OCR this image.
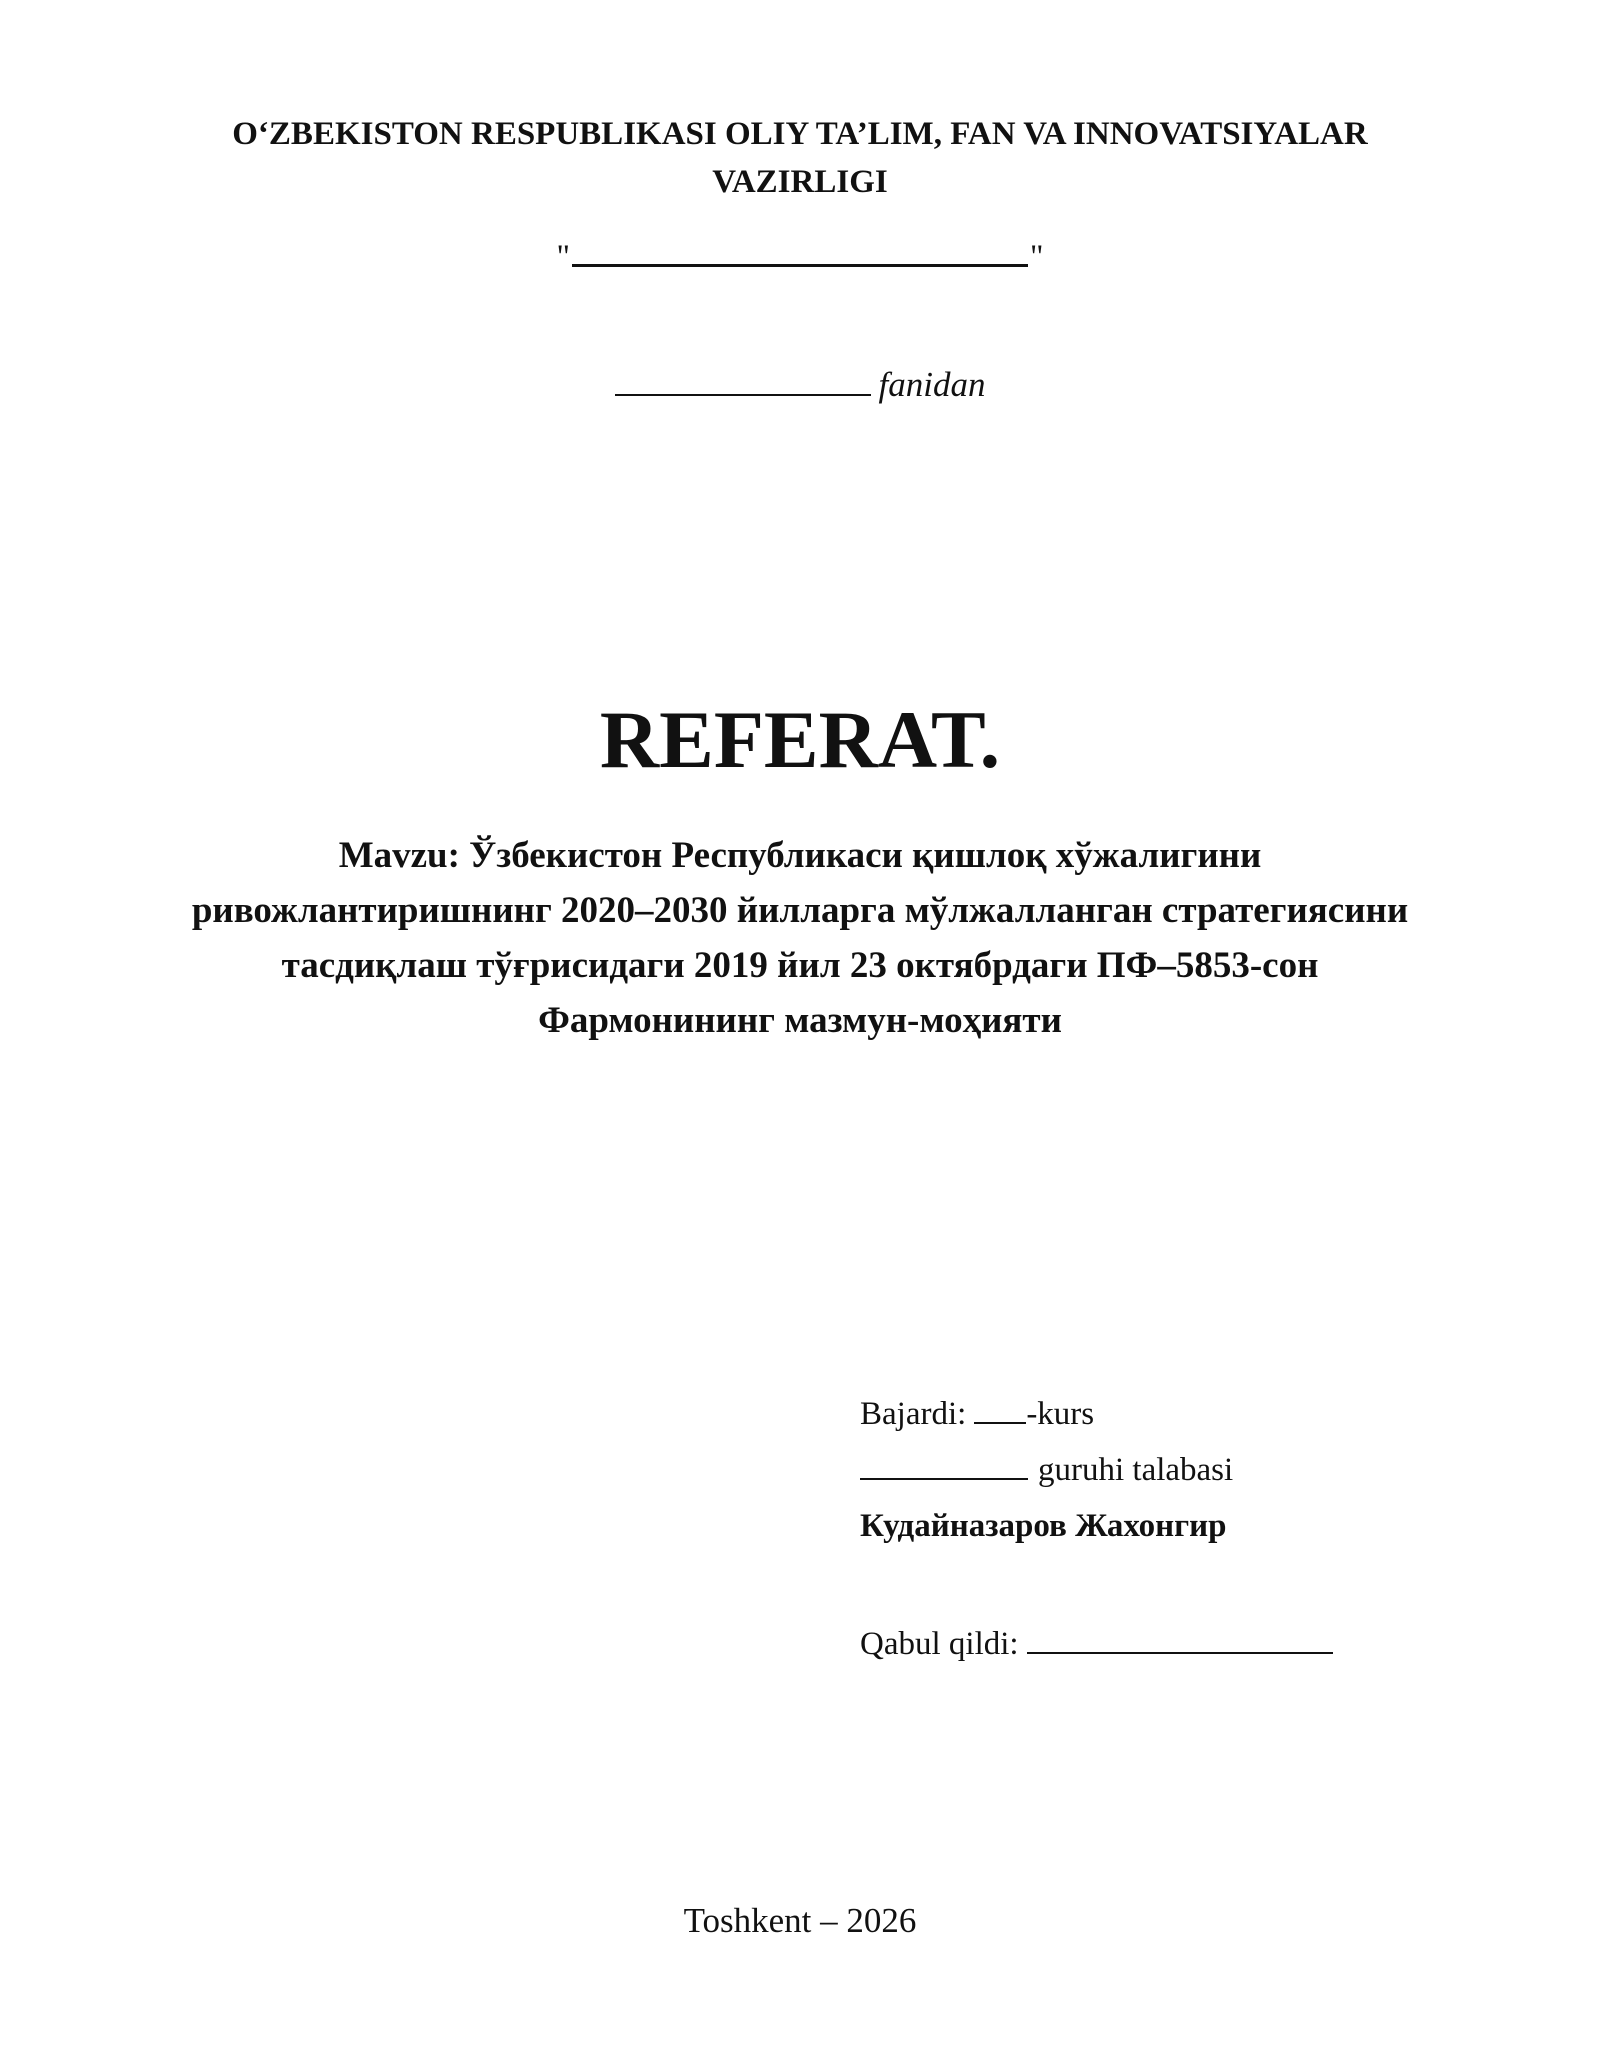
O‘ZBEKISTON RESPUBLIKASI OLIY TA’LIM, FAN VA INNOVATSIYALAR
VAZIRLIGI
"	"
fanidan
REFERAT.
Mavzu: Ўзбекистон Республикаси қишлоқ хўжалигини
ривожлантиришнинг 2020–2030 йилларга мўлжалланган стратегиясини
тасдиқлаш тўғрисидаги 2019 йил 23 октябрдаги ПФ–5853-сон
Фармонининг мазмун-моҳияти
Bajardi: -kurs
guruhi talabasi
Кудайназаров Жахонгир
Qabul qildi:
Toshkent – 2026
